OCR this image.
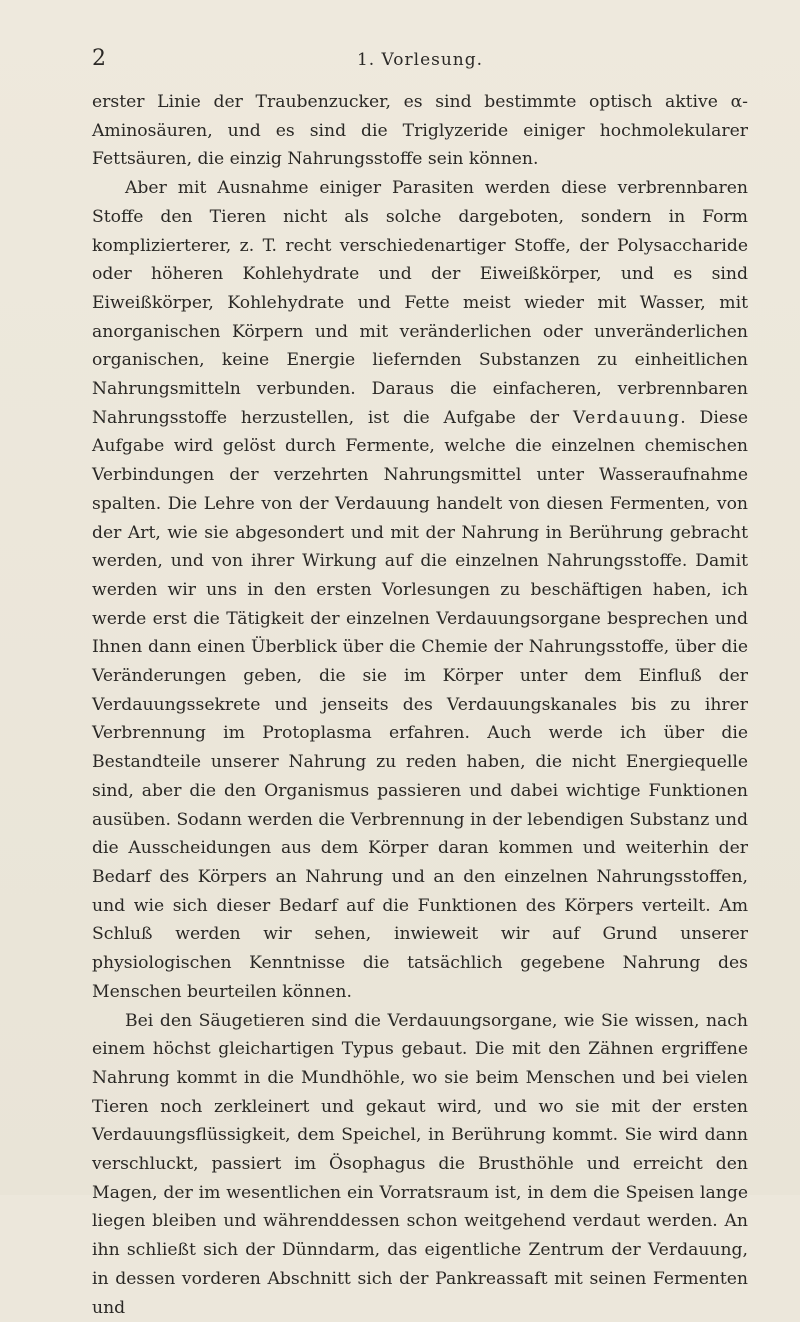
2	1. Vorlesung.

erster Linie der Traubenzucker, es sind bestimmte optisch aktive α-Aminosäuren, und es sind die Triglyzeride einiger hochmolekularer Fettsäuren, die einzig Nahrungsstoffe sein können.

Aber mit Ausnahme einiger Parasiten werden diese verbrennbaren Stoffe den Tieren nicht als solche dargeboten, sondern in Form komplizierterer, z. T. recht verschiedenartiger Stoffe, der Polysaccharide oder höheren Kohlehydrate und der Eiweißkörper, und es sind Eiweißkörper, Kohlehydrate und Fette meist wieder mit Wasser, mit anorganischen Körpern und mit veränderlichen oder unveränderlichen organischen, keine Energie liefernden Substanzen zu einheitlichen Nahrungsmitteln verbunden. Daraus die einfacheren, verbrennbaren Nahrungsstoffe herzustellen, ist die Aufgabe der Verdauung. Diese Aufgabe wird gelöst durch Fermente, welche die einzelnen chemischen Verbindungen der verzehrten Nahrungsmittel unter Wasseraufnahme spalten. Die Lehre von der Verdauung handelt von diesen Fermenten, von der Art, wie sie abgesondert und mit der Nahrung in Berührung gebracht werden, und von ihrer Wirkung auf die einzelnen Nahrungsstoffe. Damit werden wir uns in den ersten Vorlesungen zu beschäftigen haben, ich werde erst die Tätigkeit der einzelnen Verdauungsorgane besprechen und Ihnen dann einen Überblick über die Chemie der Nahrungsstoffe, über die Veränderungen geben, die sie im Körper unter dem Einfluß der Verdauungssekrete und jenseits des Verdauungskanales bis zu ihrer Verbrennung im Protoplasma erfahren. Auch werde ich über die Bestandteile unserer Nahrung zu reden haben, die nicht Energiequelle sind, aber die den Organismus passieren und dabei wichtige Funktionen ausüben. Sodann werden die Verbrennung in der lebendigen Substanz und die Ausscheidungen aus dem Körper daran kommen und weiterhin der Bedarf des Körpers an Nahrung und an den einzelnen Nahrungsstoffen, und wie sich dieser Bedarf auf die Funktionen des Körpers verteilt. Am Schluß werden wir sehen, inwieweit wir auf Grund unserer physiologischen Kenntnisse die tatsächlich gegebene Nahrung des Menschen beurteilen können.

Bei den Säugetieren sind die Verdauungsorgane, wie Sie wissen, nach einem höchst gleichartigen Typus gebaut. Die mit den Zähnen ergriffene Nahrung kommt in die Mundhöhle, wo sie beim Menschen und bei vielen Tieren noch zerkleinert und gekaut wird, und wo sie mit der ersten Verdauungsflüssigkeit, dem Speichel, in Berührung kommt. Sie wird dann verschluckt, passiert im Ösophagus die Brusthöhle und erreicht den Magen, der im wesentlichen ein Vorratsraum ist, in dem die Speisen lange liegen bleiben und währenddessen schon weitgehend verdaut werden. An ihn schließt sich der Dünndarm, das eigentliche Zentrum der Verdauung, in dessen vorderen Abschnitt sich der Pankreassaft mit seinen Fermenten und
